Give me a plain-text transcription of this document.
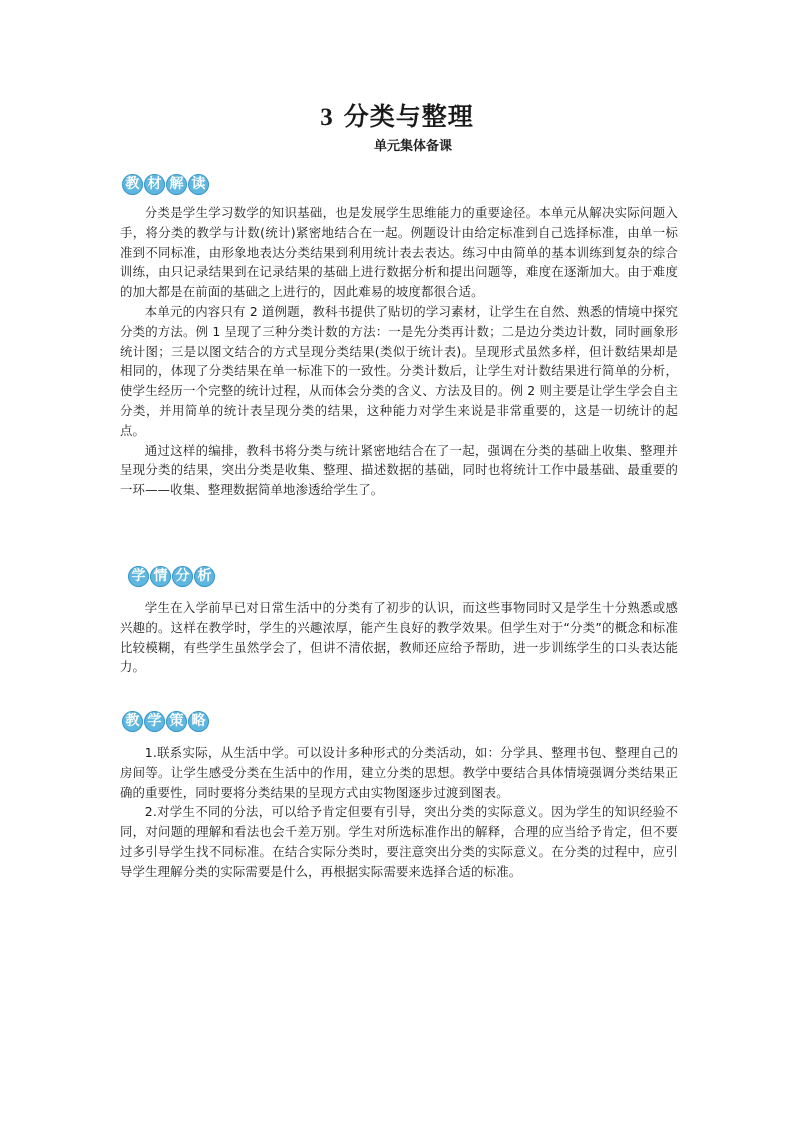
3 分类与整理
单元集体备课
教 材 解 读

分类是学生学习数学的知识基础，也是发展学生思维能力的重要途径。本单元从解决实际问题入手，将分类的教学与计数(统计)紧密地结合在一起。例题设计由给定标准到自己选择标准，由单一标准到不同标准，由形象地表达分类结果到利用统计表去表达。练习中由简单的基本训练到复杂的综合训练，由只记录结果到在记录结果的基础上进行数据分析和提出问题等，难度在逐渐加大。由于难度的加大都是在前面的基础之上进行的，因此难易的坡度都很合适。

本单元的内容只有 2 道例题，教科书提供了贴切的学习素材，让学生在自然、熟悉的情境中探究分类的方法。例 1 呈现了三种分类计数的方法：一是先分类再计数；二是边分类边计数，同时画象形统计图；三是以图文结合的方式呈现分类结果(类似于统计表)。呈现形式虽然多样，但计数结果却是相同的，体现了分类结果在单一标准下的一致性。分类计数后，让学生对计数结果进行简单的分析，使学生经历一个完整的统计过程，从而体会分类的含义、方法及目的。例 2 则主要是让学生学会自主分类，并用简单的统计表呈现分类的结果，这种能力对学生来说是非常重要的，这是一切统计的起点。

通过这样的编排，教科书将分类与统计紧密地结合在了一起，强调在分类的基础上收集、整理并呈现分类的结果，突出分类是收集、整理、描述数据的基础，同时也将统计工作中最基础、最重要的一环——收集、整理数据简单地渗透给学生了。

学 情 分 析

学生在入学前早已对日常生活中的分类有了初步的认识，而这些事物同时又是学生十分熟悉或感兴趣的。这样在教学时，学生的兴趣浓厚，能产生良好的教学效果。但学生对于“分类”的概念和标准比较模糊，有些学生虽然学会了，但讲不清依据，教师还应给予帮助，进一步训练学生的口头表达能力。

教 学 策 略

1.联系实际，从生活中学。可以设计多种形式的分类活动，如：分学具、整理书包、整理自己的房间等。让学生感受分类在生活中的作用，建立分类的思想。教学中要结合具体情境强调分类结果正确的重要性，同时要将分类结果的呈现方式由实物图逐步过渡到图表。

2.对学生不同的分法，可以给予肯定但要有引导，突出分类的实际意义。因为学生的知识经验不同，对问题的理解和看法也会千差万别。学生对所选标准作出的解释，合理的应当给予肯定，但不要过多引导学生找不同标准。在结合实际分类时，要注意突出分类的实际意义。在分类的过程中，应引导学生理解分类的实际需要是什么，再根据实际需要来选择合适的标准。
